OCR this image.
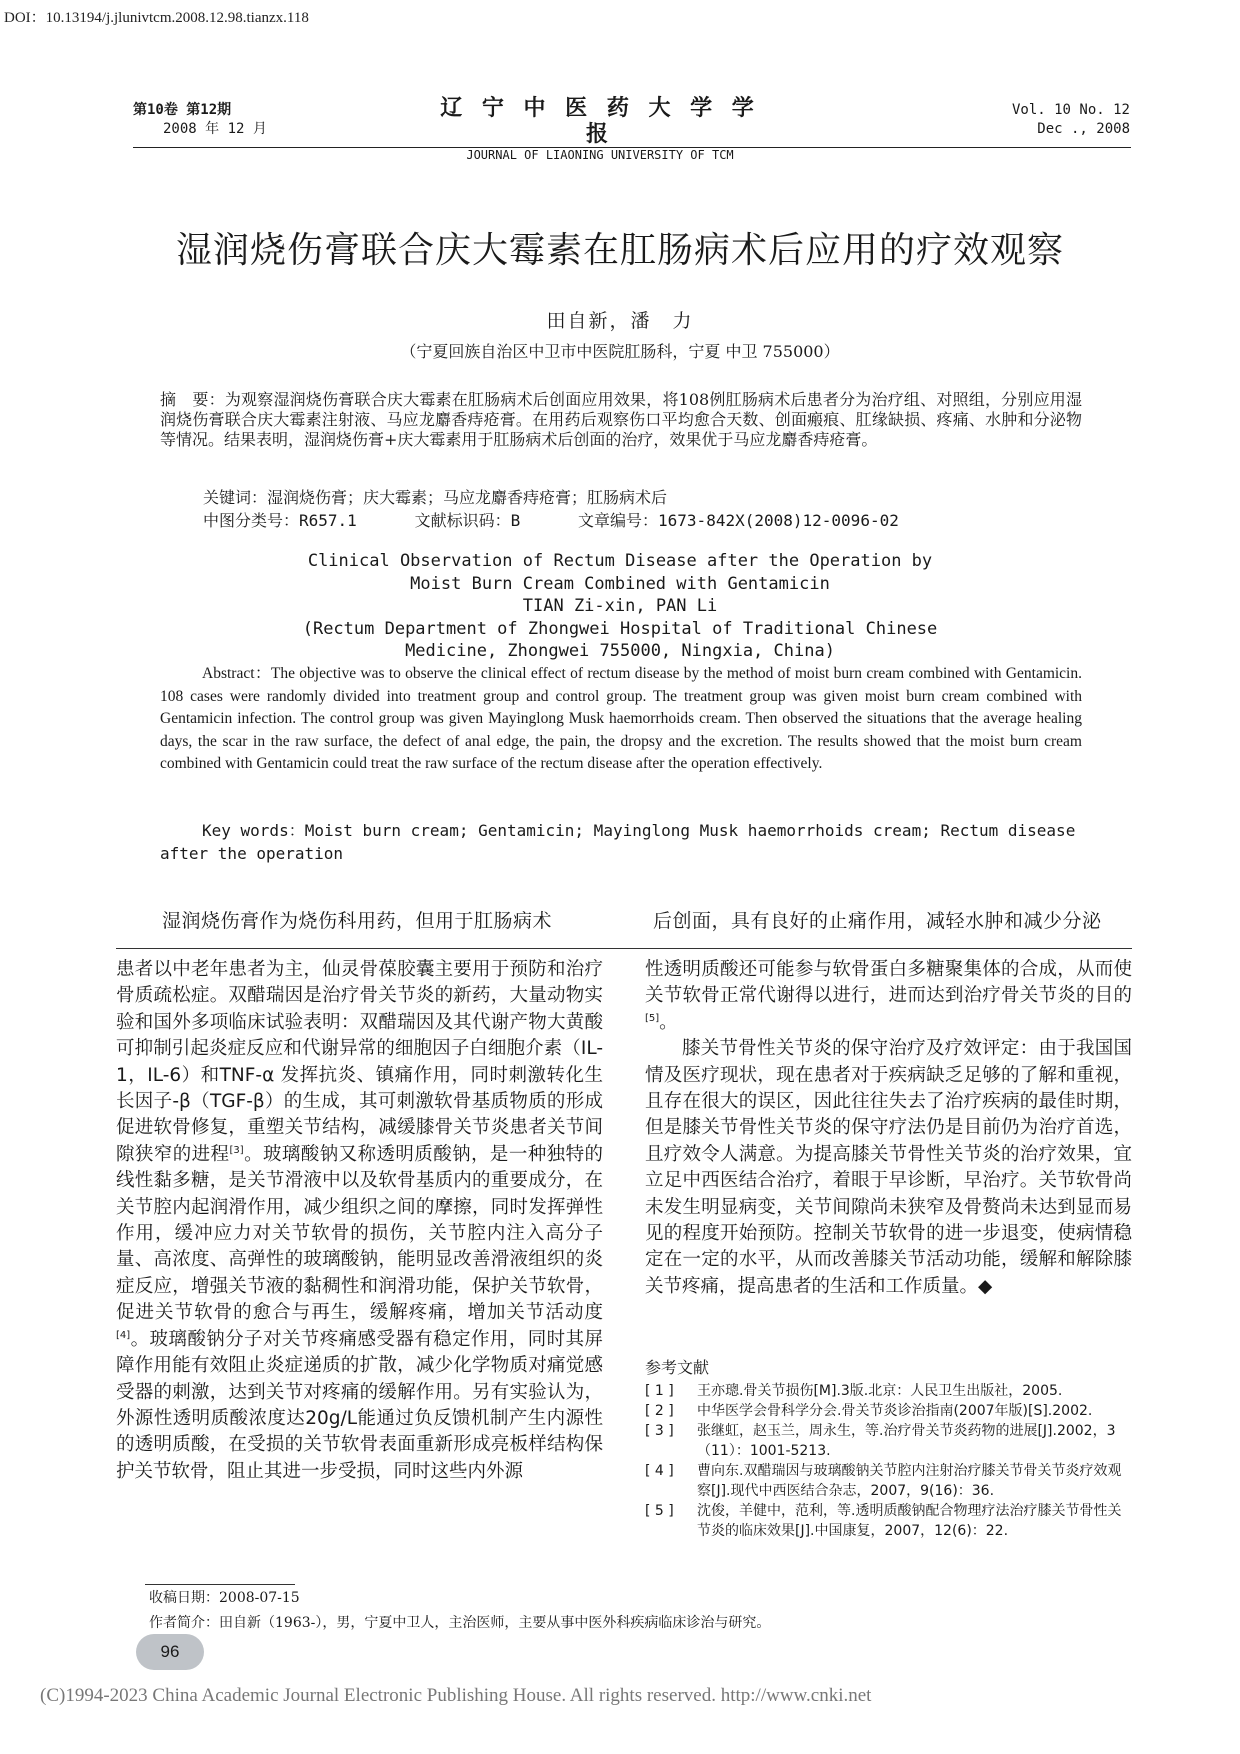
DOI：10.13194/j.jlunivtcm.2008.12.98.tianzx.118
第10卷 第12期
2008 年 12 月
辽 宁 中 医 药 大 学 学 报
JOURNAL OF LIAONING UNIVERSITY OF TCM
Vol. 10 No. 12
Dec ., 2008
湿润烧伤膏联合庆大霉素在肛肠病术后应用的疗效观察
田自新，潘　力
（宁夏回族自治区中卫市中医院肛肠科，宁夏 中卫 755000）
摘　要：为观察湿润烧伤膏联合庆大霉素在肛肠病术后创面应用效果，将108例肛肠病术后患者分为治疗组、对照组，分别应用湿润烧伤膏联合庆大霉素注射液、马应龙麝香痔疮膏。在用药后观察伤口平均愈合天数、创面瘢痕、肛缘缺损、疼痛、水肿和分泌物等情况。结果表明，湿润烧伤膏+庆大霉素用于肛肠病术后创面的治疗，效果优于马应龙麝香痔疮膏。
关键词：湿润烧伤膏；庆大霉素；马应龙麝香痔疮膏；肛肠病术后
中图分类号：R657.1      文献标识码：B      文章编号：1673-842X(2008)12-0096-02
Clinical Observation of Rectum Disease after the Operation by
Moist Burn Cream Combined with Gentamicin
TIAN Zi-xin, PAN Li
(Rectum Department of Zhongwei Hospital of Traditional Chinese
Medicine, Zhongwei 755000, Ningxia, China)
Abstract：The objective was to observe the clinical effect of rectum disease by the method of moist burn cream combined with Gentamicin. 108 cases were randomly divided into treatment group and control group. The treatment group was given moist burn cream combined with Gentamicin infection. The control group was given Mayinglong Musk haemorrhoids cream. Then observed the situations that the average healing days, the scar in the raw surface, the defect of anal edge, the pain, the dropsy and the excretion. The results showed that the moist burn cream combined with Gentamicin could treat the raw surface of the rectum disease after the operation effectively.
Key words：Moist burn cream; Gentamicin; Mayinglong Musk haemorrhoids cream; Rectum disease after the operation
湿润烧伤膏作为烧伤科用药，但用于肛肠病术	后创面，具有良好的止痛作用，减轻水肿和减少分泌

患者以中老年患者为主，仙灵骨葆胶囊主要用于预防和治疗骨质疏松症。双醋瑞因是治疗骨关节炎的新药，大量动物实验和国外多项临床试验表明：双醋瑞因及其代谢产物大黄酸可抑制引起炎症反应和代谢异常的细胞因子白细胞介素（IL-1，IL-6）和TNF-α 发挥抗炎、镇痛作用，同时刺激转化生长因子-β（TGF-β）的生成，其可刺激软骨基质物质的形成促进软骨修复，重塑关节结构，减缓膝骨关节炎患者关节间隙狭窄的进程[3]。玻璃酸钠又称透明质酸钠，是一种独特的线性黏多糖，是关节滑液中以及软骨基质内的重要成分，在关节腔内起润滑作用，减少组织之间的摩擦，同时发挥弹性作用，缓冲应力对关节软骨的损伤，关节腔内注入高分子量、高浓度、高弹性的玻璃酸钠，能明显改善滑液组织的炎症反应，增强关节液的黏稠性和润滑功能，保护关节软骨，促进关节软骨的愈合与再生，缓解疼痛，增加关节活动度[4]。玻璃酸钠分子对关节疼痛感受器有稳定作用，同时其屏障作用能有效阻止炎症递质的扩散，减少化学物质对痛觉感受器的刺激，达到关节对疼痛的缓解作用。另有实验认为，外源性透明质酸浓度达20g/L能通过负反馈机制产生内源性的透明质酸，在受损的关节软骨表面重新形成亮板样结构保护关节软骨，阻止其进一步受损，同时这些内外源

性透明质酸还可能参与软骨蛋白多糖聚集体的合成，从而使关节软骨正常代谢得以进行，进而达到治疗骨关节炎的目的[5]。

膝关节骨性关节炎的保守治疗及疗效评定：由于我国国情及医疗现状，现在患者对于疾病缺乏足够的了解和重视，且存在很大的误区，因此往往失去了治疗疾病的最佳时期，但是膝关节骨性关节炎的保守疗法仍是目前仍为治疗首选，且疗效令人满意。为提高膝关节骨性关节炎的治疗效果，宜立足中西医结合治疗，着眼于早诊断，早治疗。关节软骨尚未发生明显病变，关节间隙尚未狭窄及骨赘尚未达到显而易见的程度开始预防。控制关节软骨的进一步退变，使病情稳定在一定的水平，从而改善膝关节活动功能，缓解和解除膝关节疼痛，提高患者的生活和工作质量。◆

参考文献
[ 1 ]	王亦璁.骨关节损伤[M].3版.北京：人民卫生出版社，2005.
[ 2 ]	中华医学会骨科学分会.骨关节炎诊治指南(2007年版)[S].2002.
[ 3 ]	张继虹，赵玉兰，周永生，等.治疗骨关节炎药物的进展[J].2002，3（11）：1001-5213.
[ 4 ]	曹向东.双醋瑞因与玻璃酸钠关节腔内注射治疗膝关节骨关节炎疗效观察[J].现代中西医结合杂志，2007，9(16)：36.
[ 5 ]	沈俊，羊健中，范利，等.透明质酸钠配合物理疗法治疗膝关节骨性关节炎的临床效果[J].中国康复，2007，12(6)：22.
收稿日期：2008-07-15
作者简介：田自新（1963-），男，宁夏中卫人，主治医师，主要从事中医外科疾病临床诊治与研究。
96
(C)1994-2023 China Academic Journal Electronic Publishing House. All rights reserved. http://www.cnki.net
